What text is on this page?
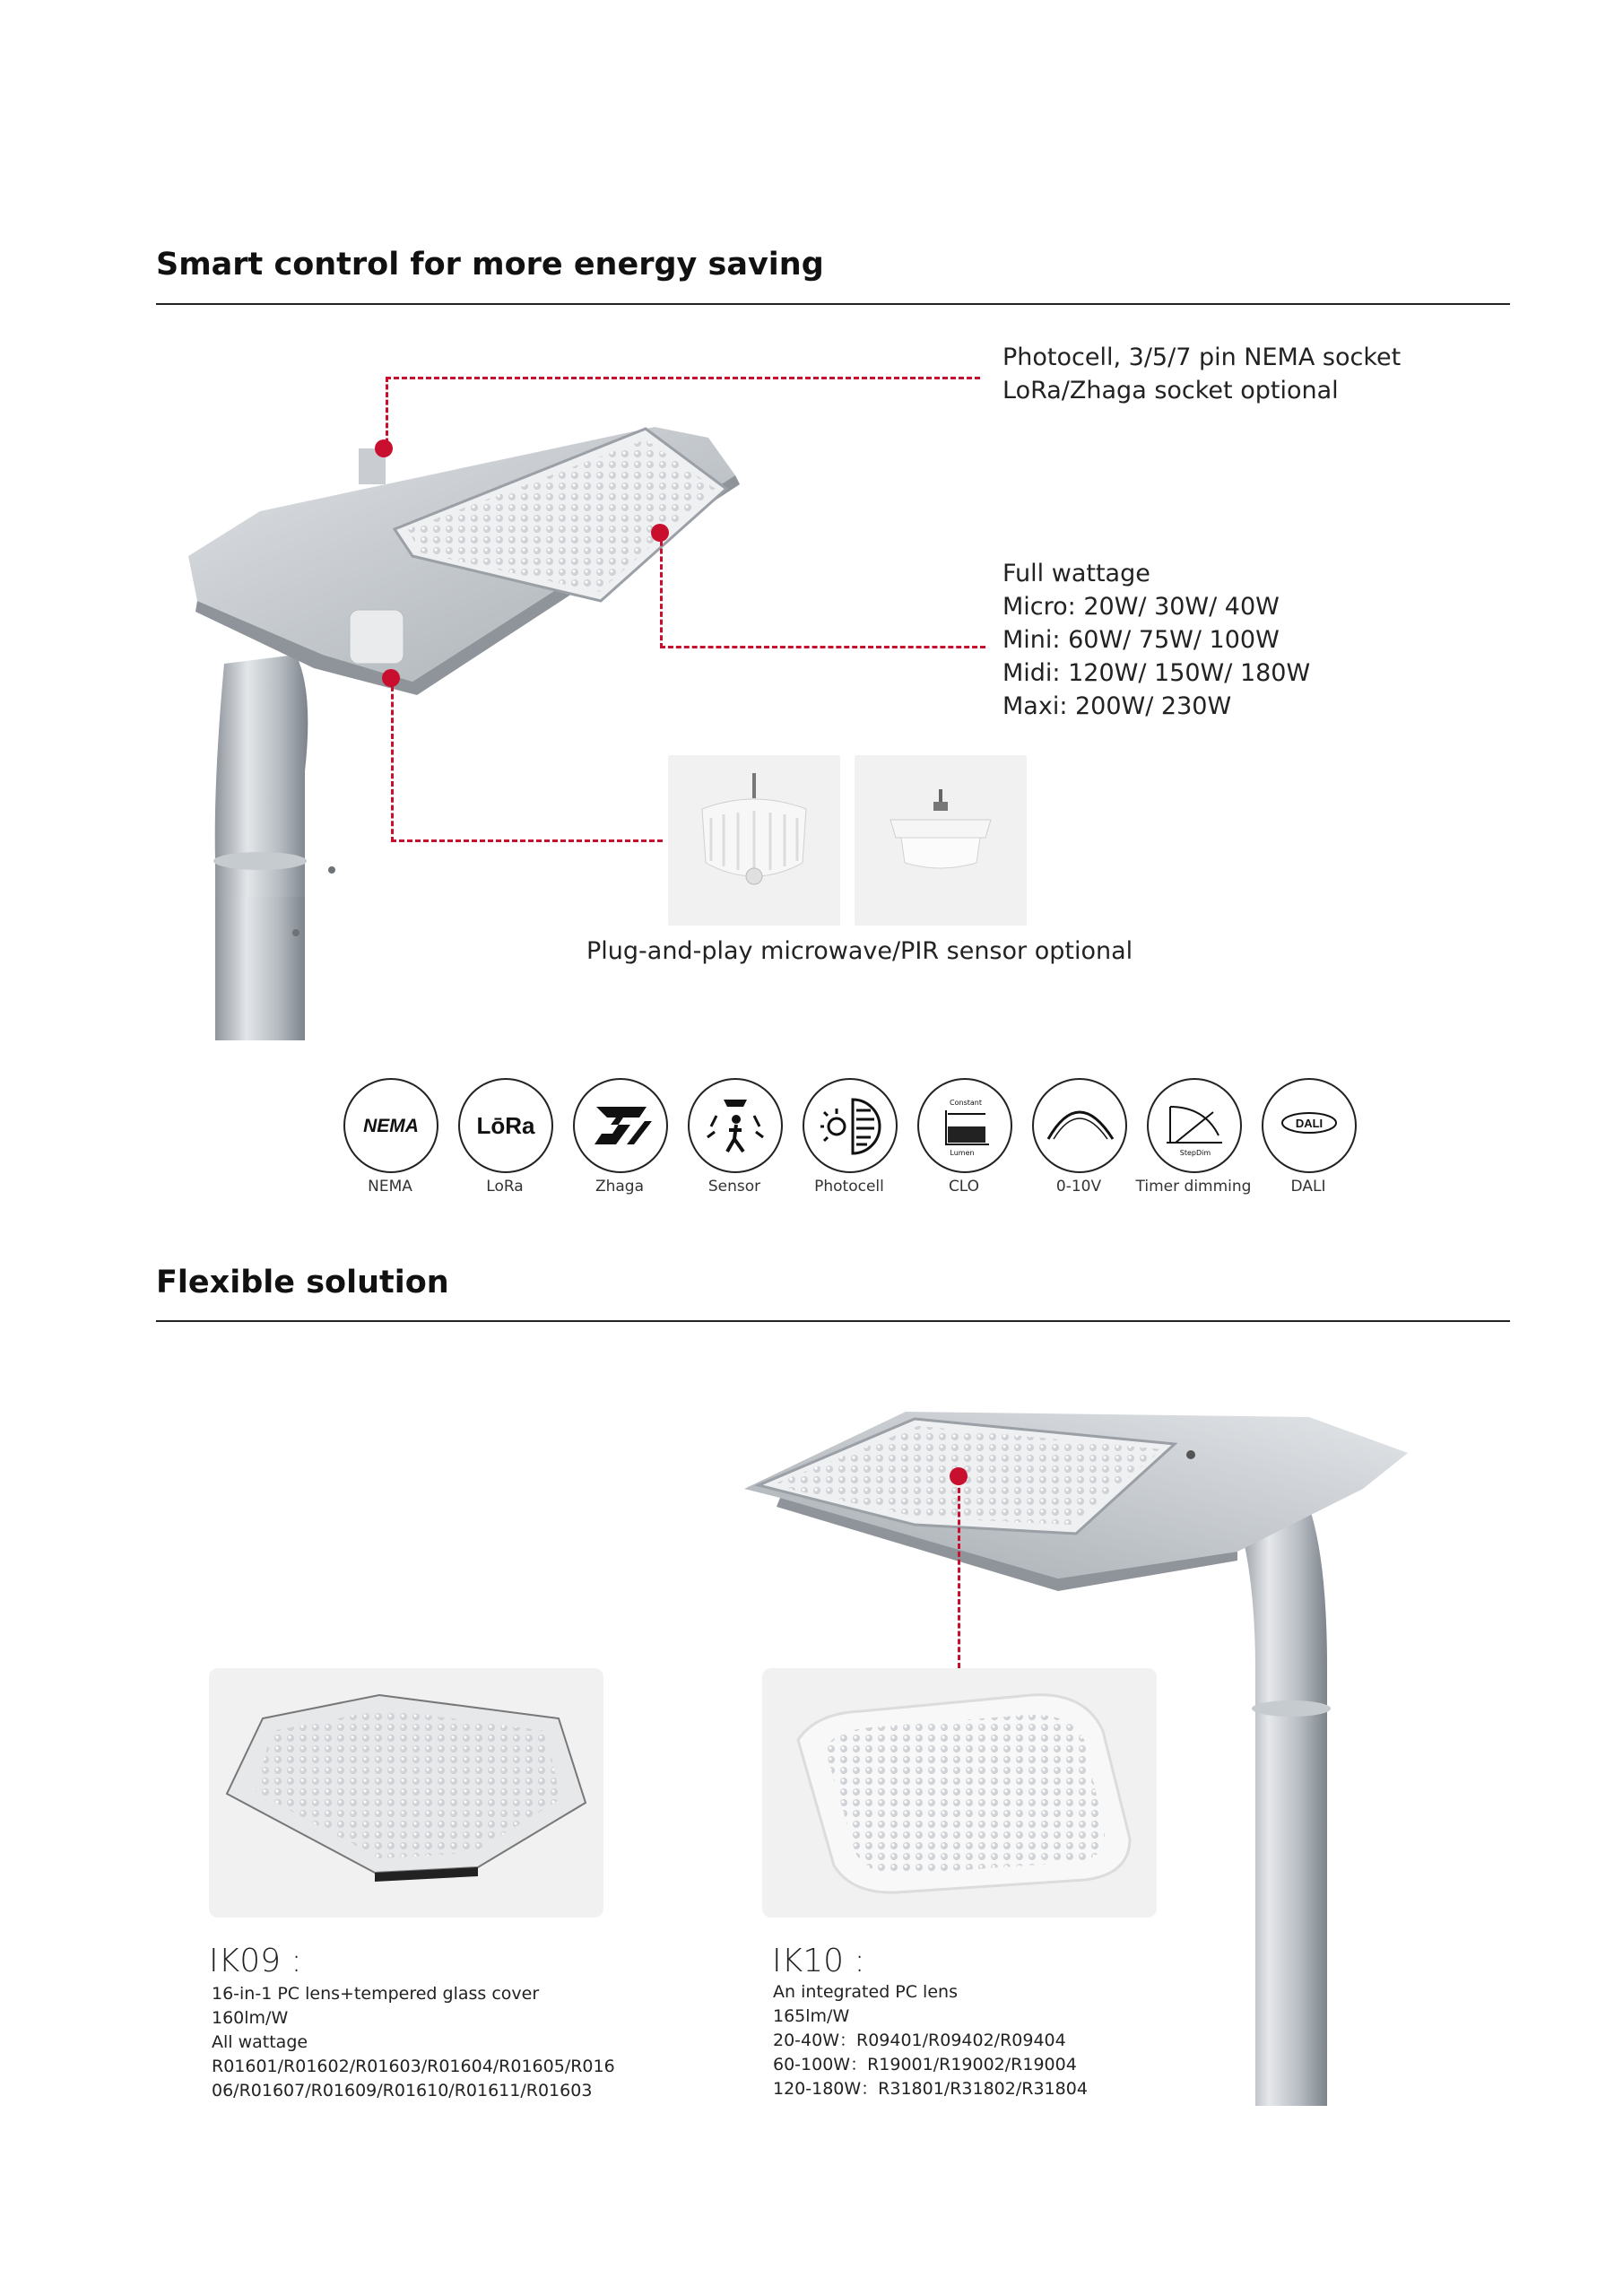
Smart control for more energy saving
Photocell, 3/5/7 pin NEMA socket
LoRa/Zhaga socket optional
Full wattage
Micro: 20W/ 30W/ 40W
Mini: 60W/ 75W/ 100W
Midi: 120W/ 150W/ 180W
Maxi: 200W/ 230W
Plug-and-play microwave/PIR sensor optional
NEMA
NEMA
LōRa
LoRa	Zhaga	Sensor	Photocell
Constant
Lumen
CLO	0-10V
StepDim
Timer dimming
DALI
DALI
Flexible solution
IK09 :
16-in-1 PC lens+tempered glass cover
160lm/W
All wattage
R01601/R01602/R01603/R01604/R01605/R016
06/R01607/R01609/R01610/R01611/R01603
IK10 :
An integrated PC lens
165lm/W
20-40W：R09401/R09402/R09404
60-100W：R19001/R19002/R19004
120-180W：R31801/R31802/R31804
